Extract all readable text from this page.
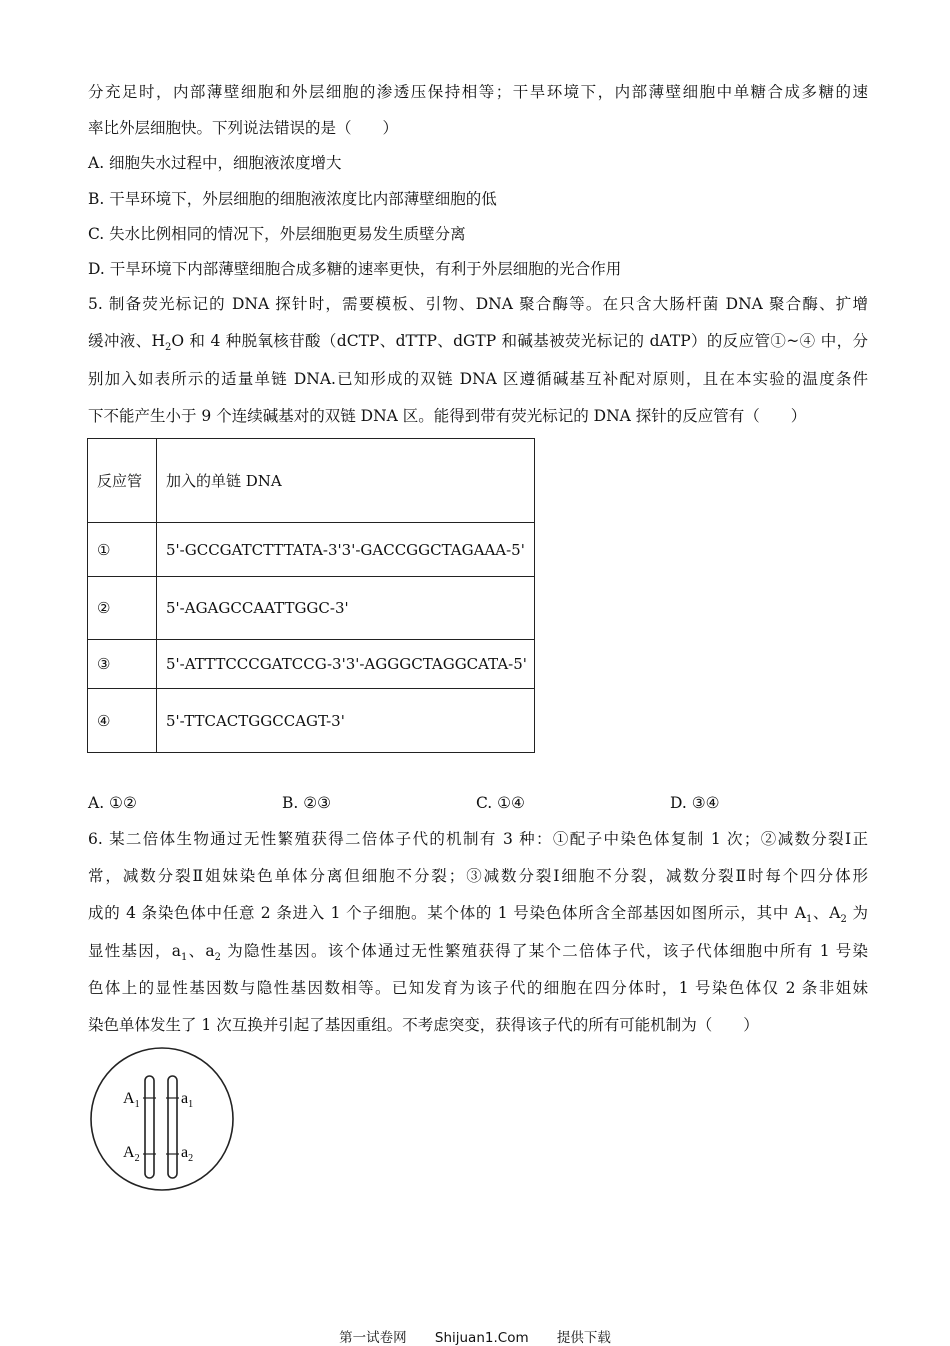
分充足时，内部薄壁细胞和外层细胞的渗透压保持相等；干旱环境下，内部薄壁细胞中单糖合成多糖的速
率比外层细胞快。下列说法错误的是（　　）
A. 细胞失水过程中，细胞液浓度增大
B. 干旱环境下，外层细胞的细胞液浓度比内部薄壁细胞的低
C. 失水比例相同的情况下，外层细胞更易发生质壁分离
D. 干旱环境下内部薄壁细胞合成多糖的速率更快，有利于外层细胞的光合作用
5. 制备荧光标记的 DNA 探针时，需要模板、引物、DNA 聚合酶等。在只含大肠杆菌 DNA 聚合酶、扩增
缓冲液、$H_2O$ 和 4 种脱氧核苷酸（dCTP、dTTP、dGTP 和碱基被荧光标记的 dATP）的反应管①~④ 中，分
别加入如表所示的适量单链 DNA.已知形成的双链 DNA 区遵循碱基互补配对原则，且在本实验的温度条件
下不能产生小于 9 个连续碱基对的双链 DNA 区。能得到带有荧光标记的 DNA 探针的反应管有（　　）
反应管	加入的单链 DNA
①	5'-GCCGATCTTTATA-3'3'-GACCGGCTAGAAA-5'
②	5'-AGAGCCAATTGGC-3'
③	5'-ATTTCCCGATCCG-3'3'-AGGGCTAGGCATA-5'
④	5'-TTCACTGGCCAGT-3'
A. ①②	B. ②③	C. ①④	D. ③④
6. 某二倍体生物通过无性繁殖获得二倍体子代的机制有 3 种：①配子中染色体复制 1 次；②减数分裂Ⅰ正
常，减数分裂Ⅱ姐妹染色单体分离但细胞不分裂；③减数分裂Ⅰ细胞不分裂，减数分裂Ⅱ时每个四分体形
成的 4 条染色体中任意 2 条进入 1 个子细胞。某个体的 1 号染色体所含全部基因如图所示，其中 $A_1$、$A_2$ 为
显性基因，$a_1$、$a_2$ 为隐性基因。该个体通过无性繁殖获得了某个二倍体子代，该子代体细胞中所有 1 号染
色体上的显性基因数与隐性基因数相等。已知发育为该子代的细胞在四分体时，1 号染色体仅 2 条非姐妹
染色单体发生了 1 次互换并引起了基因重组。不考虑突变，获得该子代的所有可能机制为（　　）
$A_1$	$a_1$
$A_2$	$a_2$
第一试卷网 Shijuan1.Com 提供下载
